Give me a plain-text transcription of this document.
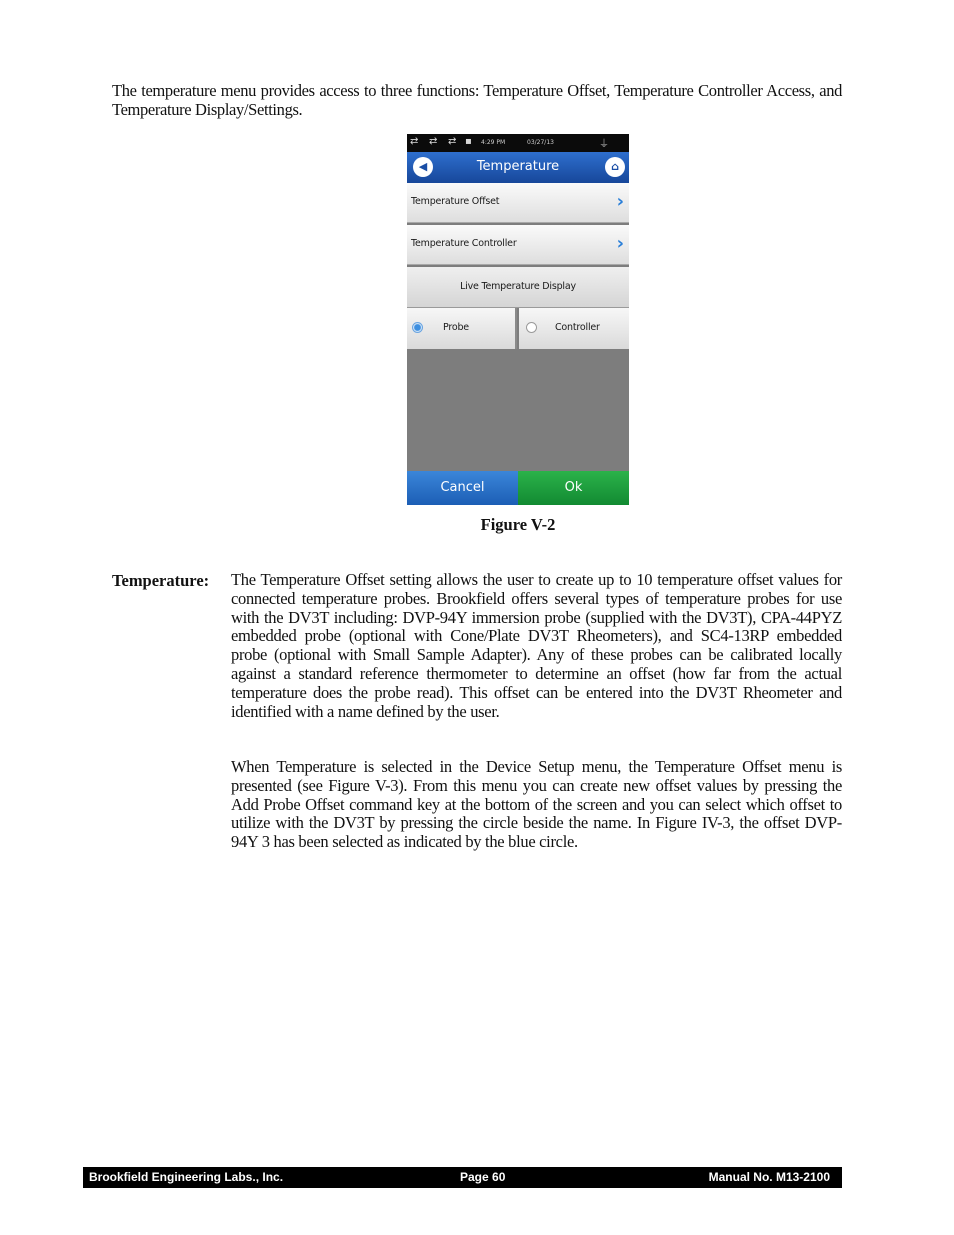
The temperature menu provides access to three functions: Temperature Offset, Temperature Controller Access, and Temperature Display/Settings.

⇄ ⇄ ⇄ ▪ 4:29 PM	03/27/13	⏚
◀	Temperature	⌂
Temperature Offset	›
Temperature Controller	›
Live Temperature Display
Probe	Controller
Cancel	Ok
Figure V-2
Temperature: The Temperature Offset setting allows the user to create up to 10 temperature offset values for connected temperature probes. Brookfield offers several types of temperature probes for use with the DV3T including: DVP-94Y immersion probe (supplied with the DV3T), CPA-44PYZ embedded probe (optional with Cone/Plate DV3T Rheometers), and SC4-13RP embedded probe (optional with Small Sample Adapter). Any of these probes can be calibrated locally against a standard reference thermometer to determine an offset (how far from the actual temperature does the probe read). This offset can be entered into the DV3T Rheometer and identified with a name defined by the user.

When Temperature is selected in the Device Setup menu, the Temperature Offset menu is presented (see Figure V-3). From this menu you can create new offset values by pressing the Add Probe Offset command key at the bottom of the screen and you can select which offset to utilize with the DV3T by pressing the circle beside the name. In Figure IV-3, the offset DVP-94Y 3 has been selected as indicated by the blue circle.

Brookfield Engineering Labs., Inc.	Page 60	Manual No. M13-2100
